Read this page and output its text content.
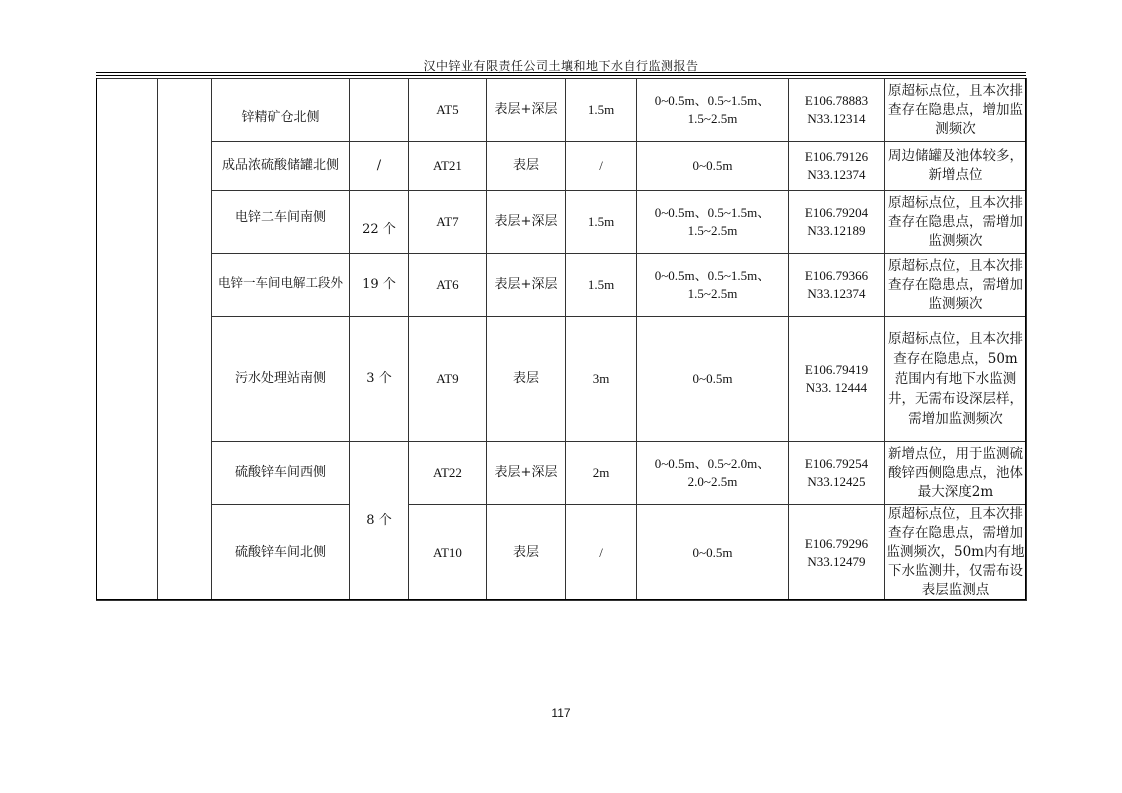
汉中锌业有限责任公司土壤和地下水自行监测报告
		锌精矿仓北侧		AT5	表层+深层	1.5m	0~0.5m、0.5~1.5m、1.5~2.5m	E106.78883
N33.12314	原超标点位，且本次排查存在隐患点，增加监测频次
		成品浓硫酸储罐北侧	/	AT21	表层	/	0~0.5m	E106.79126
N33.12374	周边储罐及池体较多，新增点位
		电锌二车间南侧	22 个	AT7	表层+深层	1.5m	0~0.5m、0.5~1.5m、1.5~2.5m	E106.79204
N33.12189	原超标点位，且本次排查存在隐患点，需增加监测频次
		电锌一车间电解工段外	19 个	AT6	表层+深层	1.5m	0~0.5m、0.5~1.5m、1.5~2.5m	E106.79366
N33.12374	原超标点位，且本次排查存在隐患点，需增加监测频次
		污水处理站南侧	3 个	AT9	表层	3m	0~0.5m	E106.79419
N33. 12444	原超标点位，且本次排查存在隐患点，50m 范围内有地下水监测井，无需布设深层样，需增加监测频次
		硫酸锌车间西侧	8 个	AT22	表层+深层	2m	0~0.5m、0.5~2.0m、2.0~2.5m	E106.79254
N33.12425	新增点位，用于监测硫酸锌西侧隐患点，池体最大深度2m
		硫酸锌车间北侧		AT10	表层	/	0~0.5m	E106.79296
N33.12479	原超标点位，且本次排查存在隐患点，需增加监测频次，50m内有地下水监测井，仅需布设表层监测点
117
